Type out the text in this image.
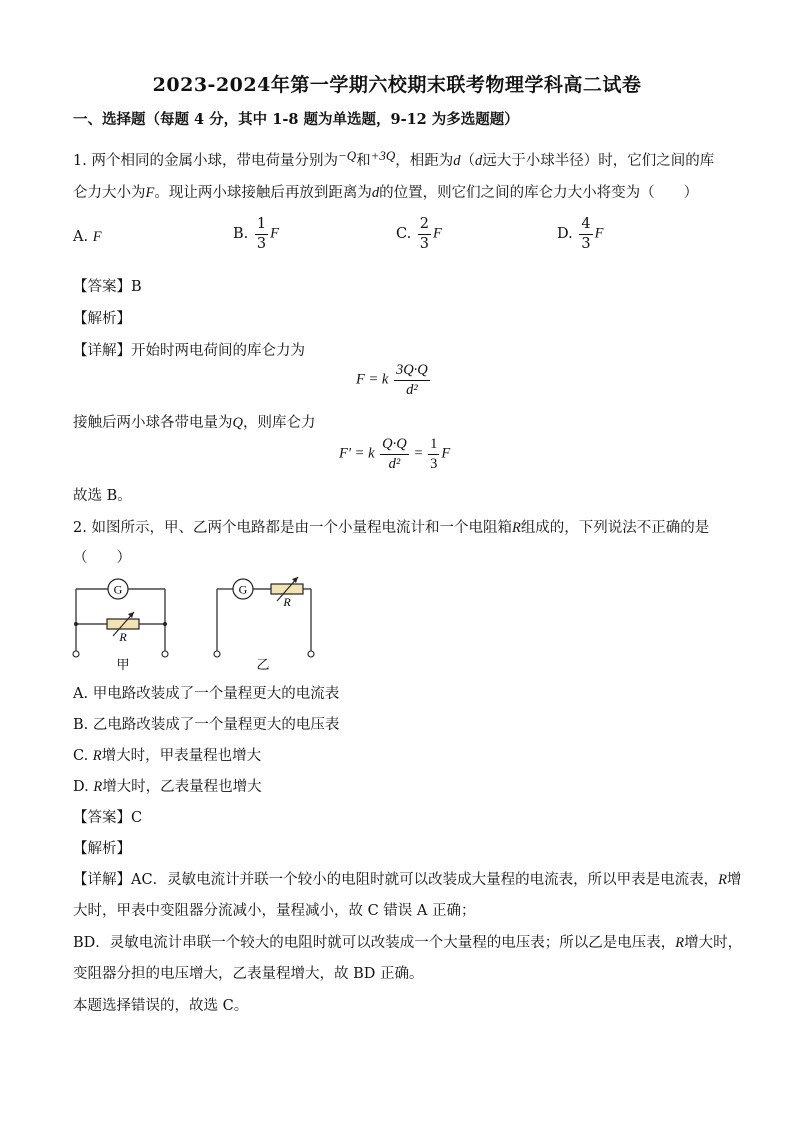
2023-2024年第一学期六校期末联考物理学科高二试卷
一、选择题（每题 4 分，其中 1-8 题为单选题，9-12 为多选题题）
1. 两个相同的金属小球，带电荷量分别为−Q和+3Q，相距为d（d远大于小球半径）时，它们之间的库
仑力大小为F。现让两小球接触后再放到距离为d的位置，则它们之间的库仑力大小将变为（　　）
A. F	B. $\frac{1}{3}$ F	C. $\frac{2}{3}$ F	D. $\frac{4}{3}$ F
【答案】B
【解析】
【详解】开始时两电荷间的库仑力为
F = k $\frac{3Q\cdot Q}{\text{d²}}$
接触后两小球各带电量为Q，则库仑力
F′ = k $\frac{Q\cdot Q}{\text{d²}} = \frac{1}{3}$ F
故选 B。
2. 如图所示，甲、乙两个电路都是由一个小量程电流计和一个电阻箱R组成的，下列说法不正确的是
（　　）
G
R
甲
G
R
乙
A. 甲电路改装成了一个量程更大的电流表
B. 乙电路改装成了一个量程更大的电压表
C. R增大时，甲表量程也增大
D. R增大时，乙表量程也增大
【答案】C
【解析】
【详解】AC．灵敏电流计并联一个较小的电阻时就可以改装成大量程的电流表，所以甲表是电流表，R增
大时，甲表中变阻器分流减小，量程减小，故 C 错误 A 正确；
BD．灵敏电流计串联一个较大的电阻时就可以改装成一个大量程的电压表；所以乙是电压表，R增大时，
变阻器分担的电压增大，乙表量程增大，故 BD 正确。
本题选择错误的，故选 C。
